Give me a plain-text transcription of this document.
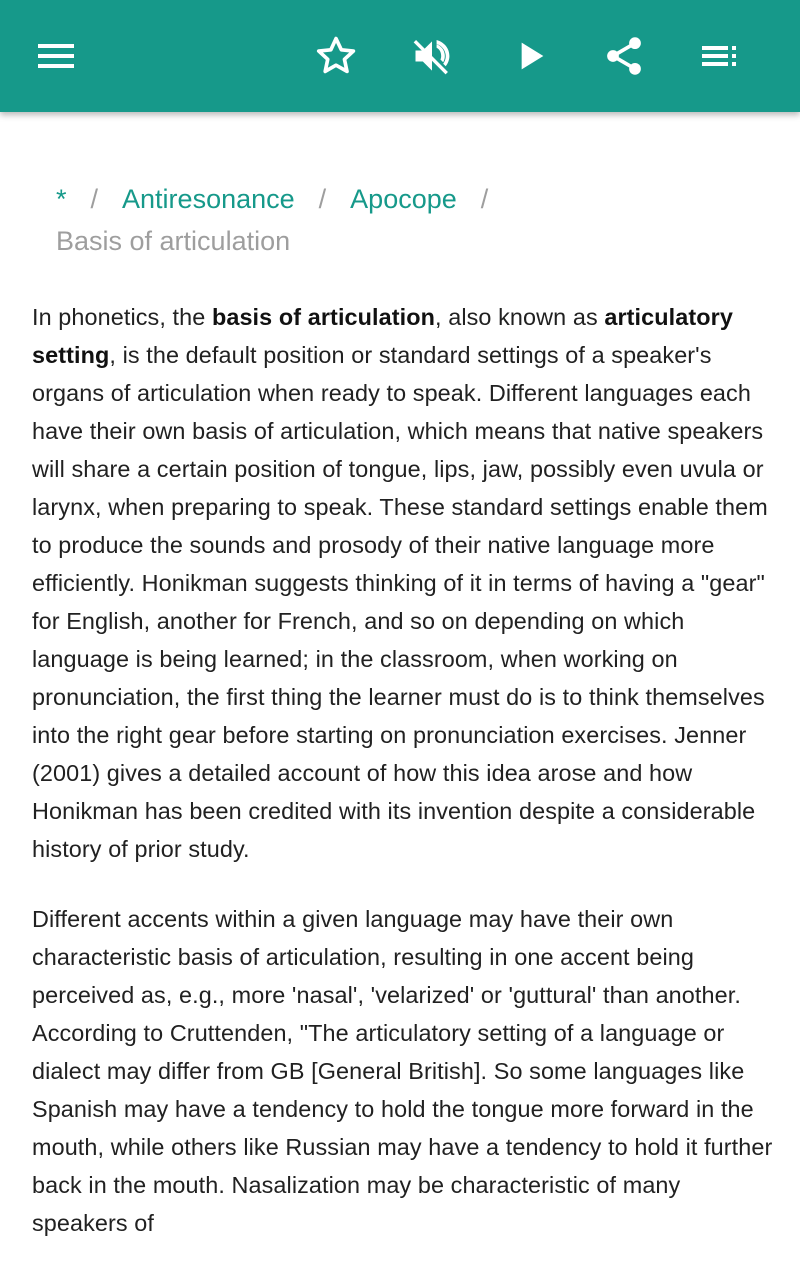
* / Antiresonance / Apocope /
Basis of articulation

In phonetics, the basis of articulation, also known as articulatory setting, is the default position or standard settings of a speaker's organs of articulation when ready to speak. Different languages each have their own basis of articulation, which means that native speakers will share a certain position of tongue, lips, jaw, possibly even uvula or larynx, when preparing to speak. These standard settings enable them to produce the sounds and prosody of their native language more efficiently. Honikman suggests thinking of it in terms of having a "gear" for English, another for French, and so on depending on which language is being learned; in the classroom, when working on pronunciation, the first thing the learner must do is to think themselves into the right gear before starting on pronunciation exercises. Jenner (2001) gives a detailed account of how this idea arose and how Honikman has been credited with its invention despite a considerable history of prior study.

Different accents within a given language may have their own characteristic basis of articulation, resulting in one accent being perceived as, e.g., more 'nasal', 'velarized' or 'guttural' than another. According to Cruttenden, "The articulatory setting of a language or dialect may differ from GB [General British]. So some languages like Spanish may have a tendency to hold the tongue more forward in the mouth, while others like Russian may have a tendency to hold it further back in the mouth. Nasalization may be characteristic of many speakers of
